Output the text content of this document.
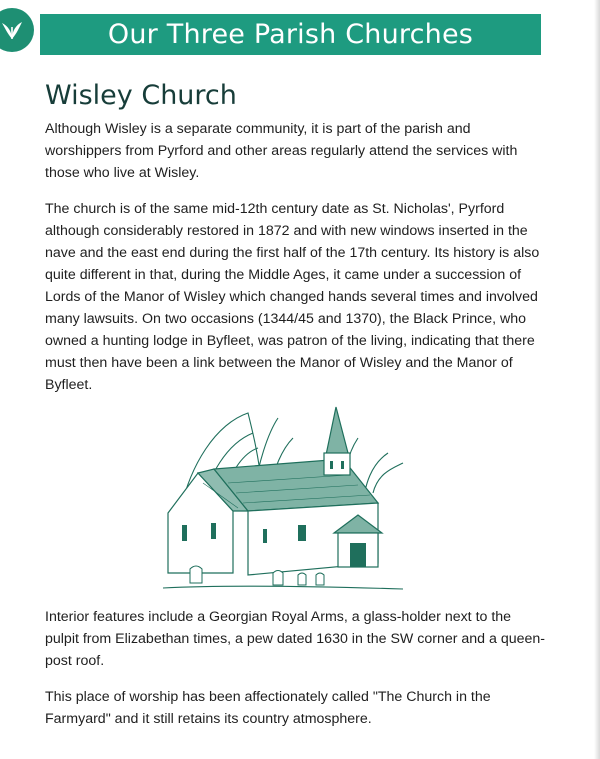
Our Three Parish Churches
Wisley Church

Although Wisley is a separate community, it is part of the parish and worshippers from Pyrford and other areas regularly attend the services with those who live at Wisley.

The church is of the same mid-12th century date as St. Nicholas', Pyrford although considerably restored in 1872 and with new windows inserted in the nave and the east end during the first half of the 17th century. Its history is also quite different in that, during the Middle Ages, it came under a succession of Lords of the Manor of Wisley which changed hands several times and involved many lawsuits. On two occasions (1344/45 and 1370), the Black Prince, who owned a hunting lodge in Byfleet, was patron of the living, indicating that there must then have been a link between the Manor of Wisley and the Manor of Byfleet.

Interior features include a Georgian Royal Arms, a glass-holder next to the pulpit from Elizabethan times, a pew dated 1630 in the SW corner and a queen-post roof.

This place of worship has been affectionately called "The Church in the Farmyard" and it still retains its country atmosphere.
